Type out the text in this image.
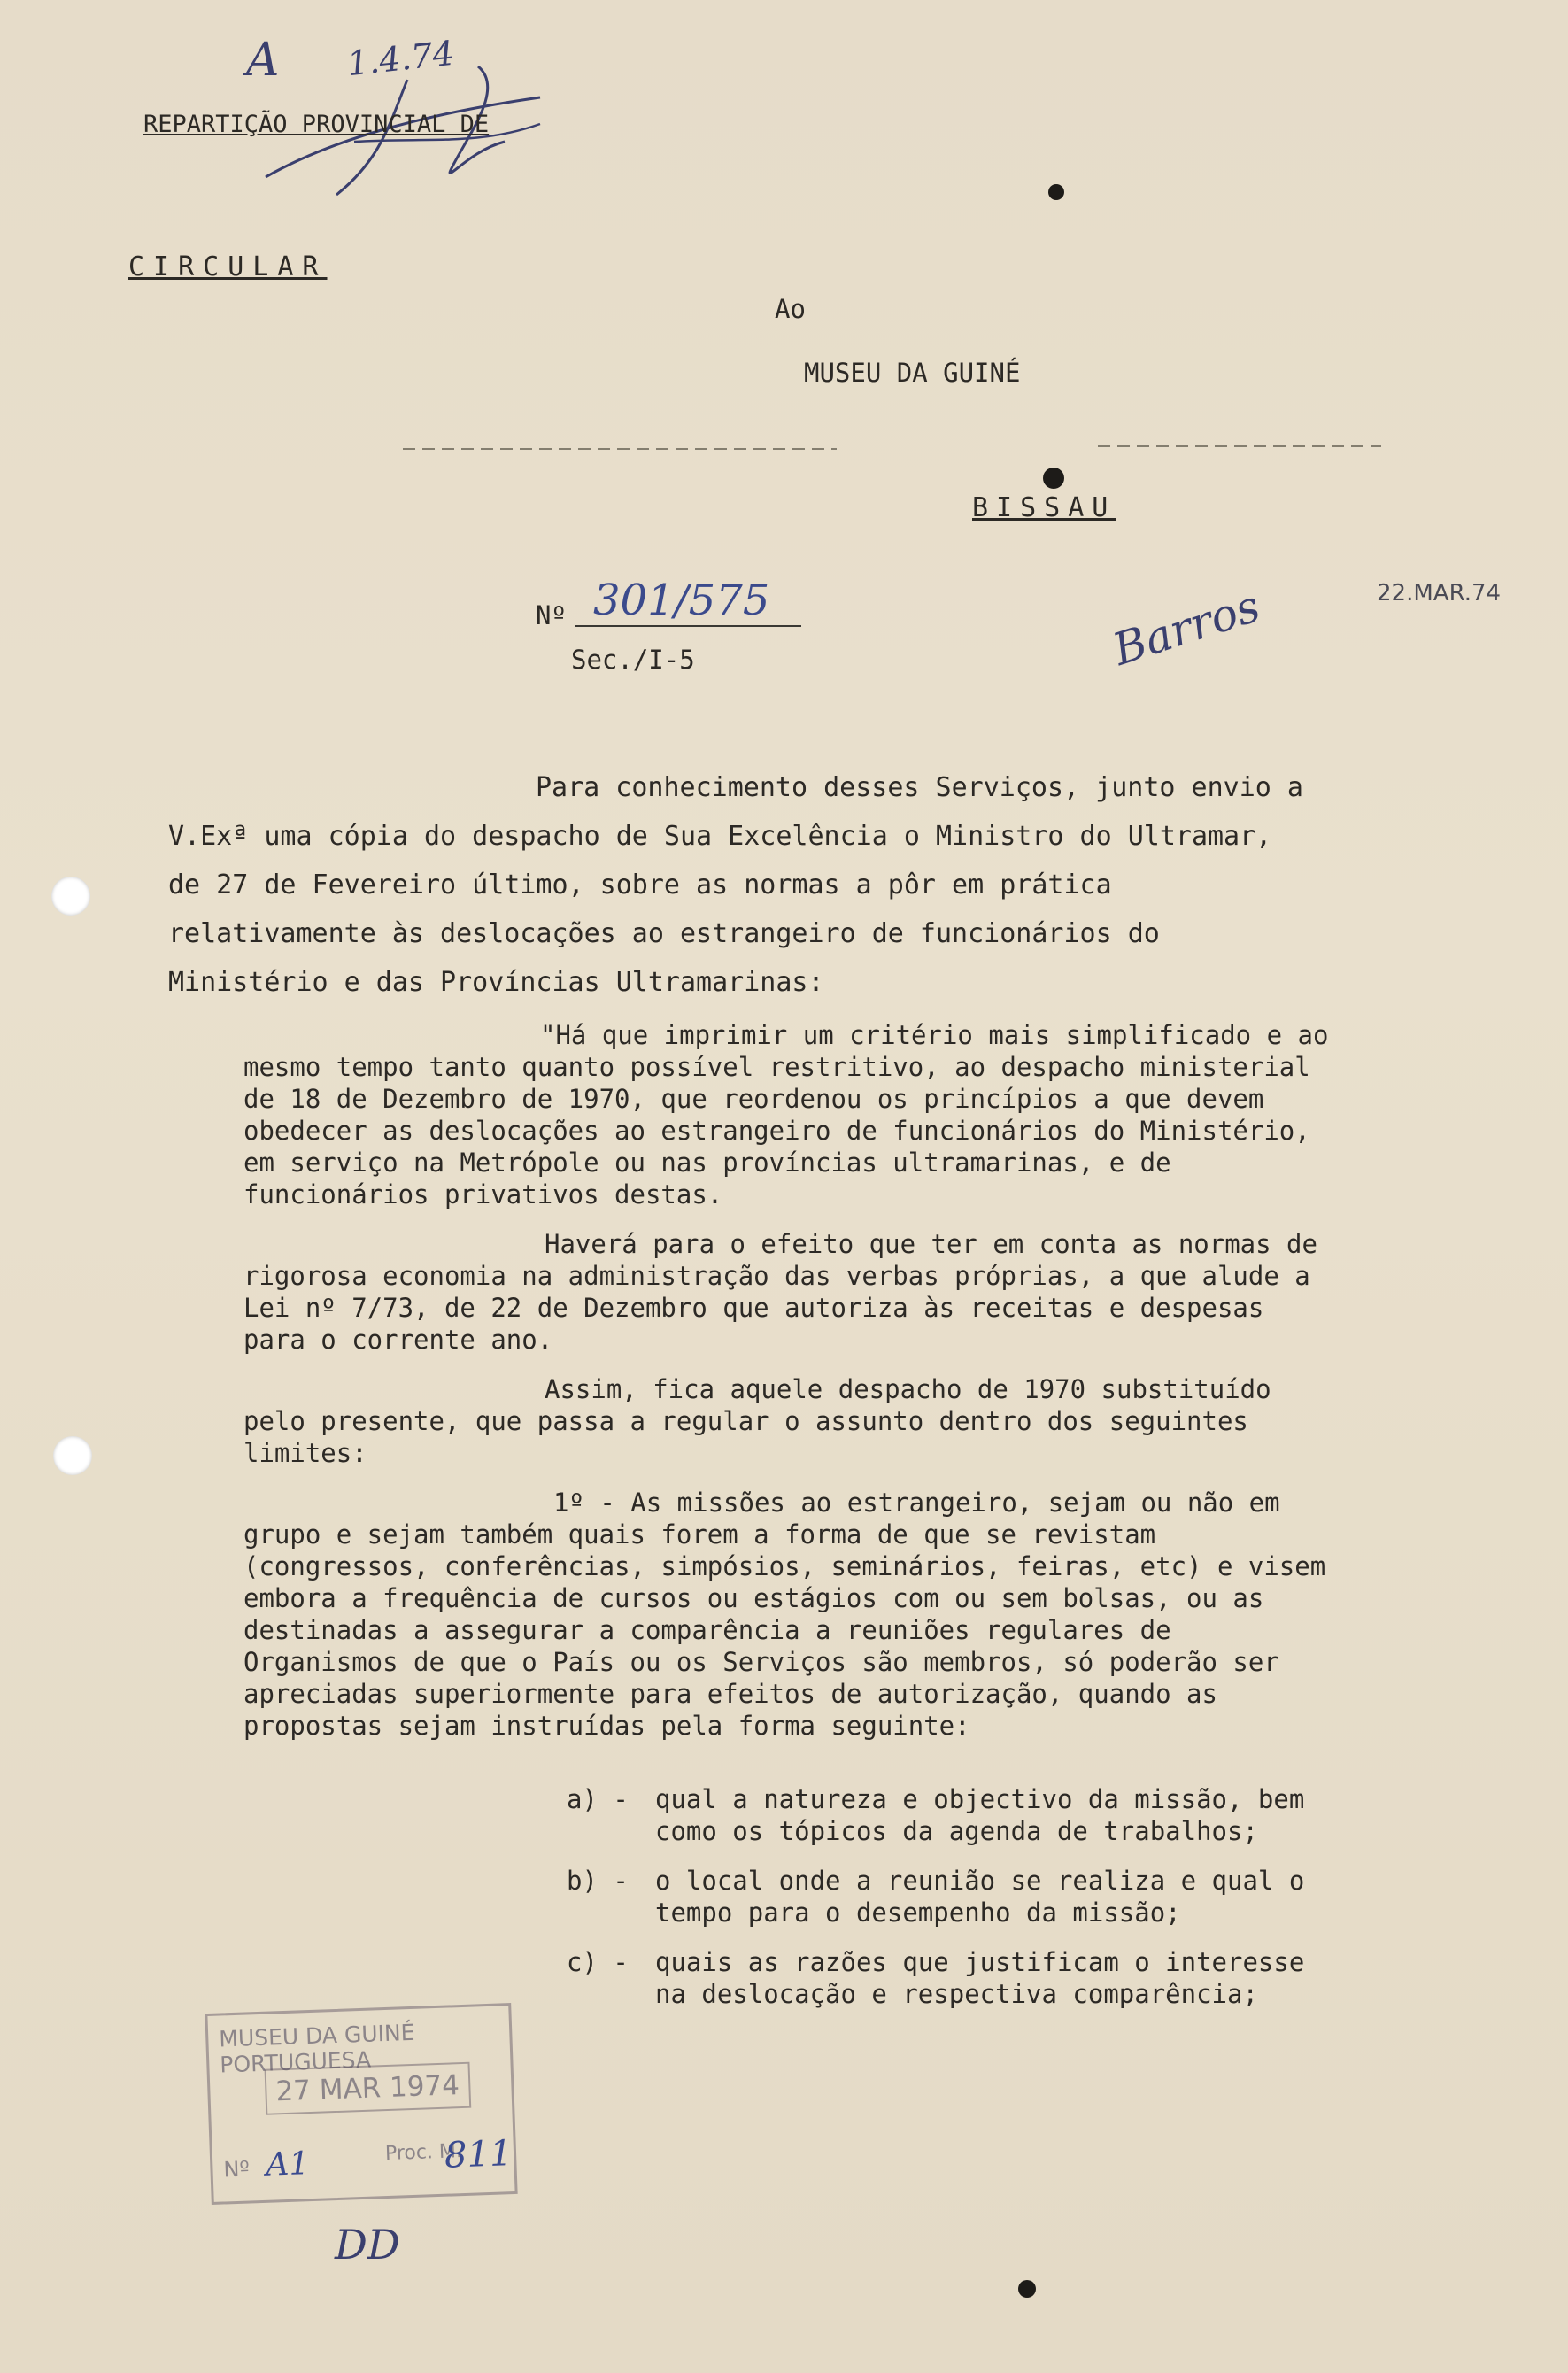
A 1.4.74
REPARTIÇÃO PROVINCIAL DE
CIRCULAR
Ao
MUSEU DA GUINÉ
BISSAU
Nº 301/575
Sec./I-5	Barros	22.MAR.74

Para conhecimento desses Serviços, junto envio a V.Exª uma cópia do despacho de Sua Excelência o Ministro do Ultramar, de 27 de Fevereiro último, sobre as normas a pôr em prática relativamente às deslocações ao estrangeiro de funcionários do Ministério e das Províncias Ultramarinas:

"Há que imprimir um critério mais simplificado e ao mesmo tempo tanto quanto possível restritivo, ao despacho ministerial de 18 de Dezembro de 1970, que reordenou os princípios a que devem obedecer as deslocações ao estrangeiro de funcionários do Ministério, em serviço na Metrópole ou nas províncias ultramarinas, e de funcionários privativos destas.

Haverá para o efeito que ter em conta as normas de rigorosa economia na administração das verbas próprias, a que alude a Lei nº 7/73, de 22 de Dezembro que autoriza às receitas e despesas para o corrente ano.

Assim, fica aquele despacho de 1970 substituído pelo presente, que passa a regular o assunto dentro dos seguintes limites:

1º - As missões ao estrangeiro, sejam ou não em grupo e sejam também quais forem a forma de que se revistam (congressos, conferências, simpósios, seminários, feiras, etc) e visem embora a frequência de cursos ou estágios com ou sem bolsas, ou as destinadas a assegurar a comparência a reuniões regulares de Organismos de que o País ou os Serviços são membros, só poderão ser apreciadas superiormente para efeitos de autorização, quando as propostas sejam instruídas pela forma seguinte:

a) -	qual a natureza e objectivo da missão, bem como os tópicos da agenda de trabalhos;
b) -	o local onde a reunião se realiza e qual o tempo para o desempenho da missão;
c) -	quais as razões que justificam o interesse na deslocação e respectiva comparência;
MUSEU DA GUINÉ PORTUGUESA
27 MAR 1974
Nº A1	Proc. M.
811
DD
